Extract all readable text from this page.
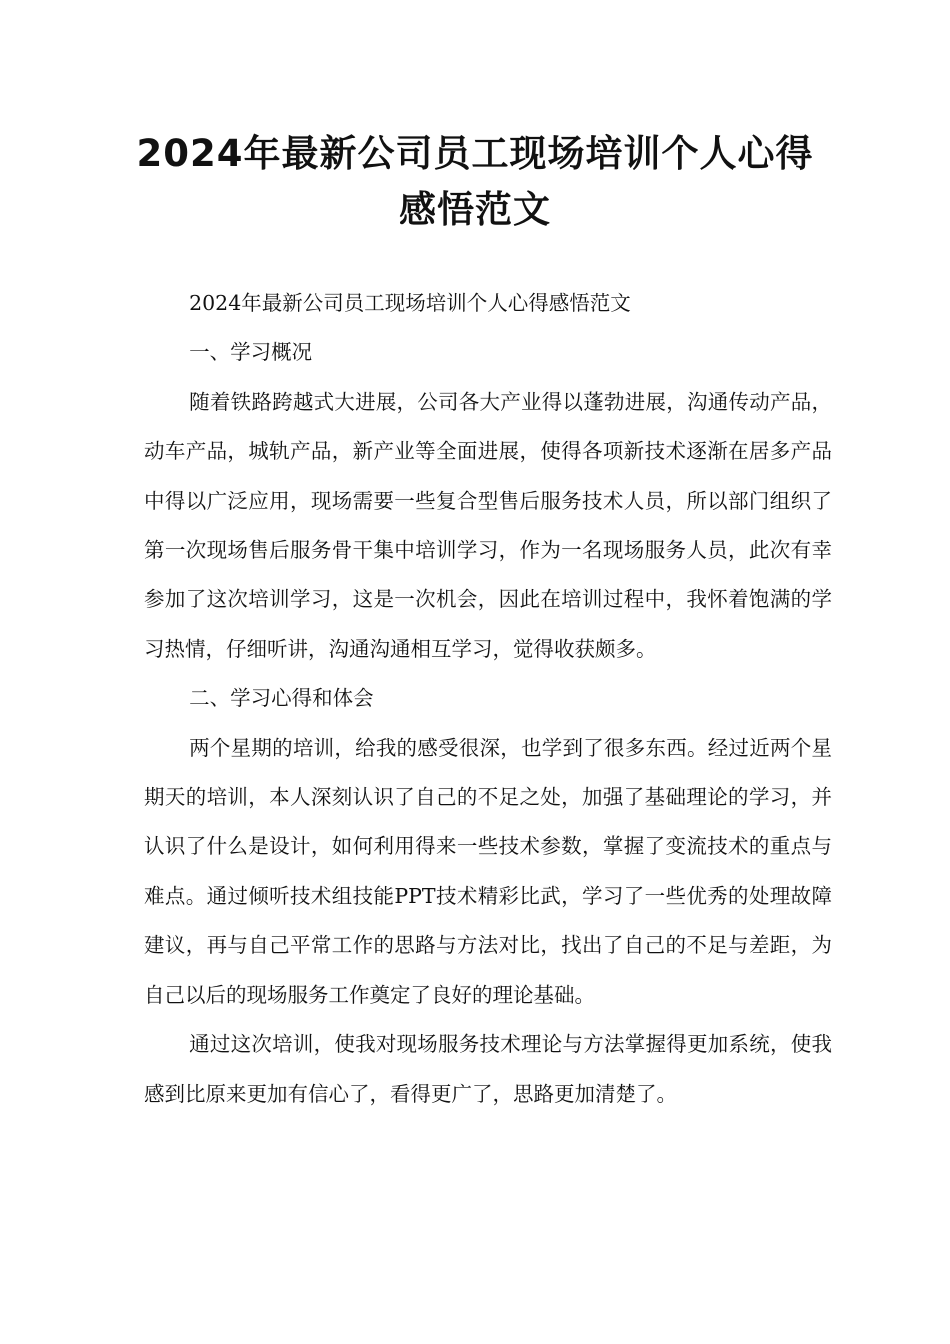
2024年最新公司员工现场培训个人心得
感悟范文

2024年最新公司员工现场培训个人心得感悟范文

一、学习概况

随着铁路跨越式大进展，公司各大产业得以蓬勃进展，沟通传动产品，动车产品，城轨产品，新产业等全面进展，使得各项新技术逐渐在居多产品中得以广泛应用，现场需要一些复合型售后服务技术人员，所以部门组织了第一次现场售后服务骨干集中培训学习，作为一名现场服务人员，此次有幸参加了这次培训学习，这是一次机会，因此在培训过程中，我怀着饱满的学习热情，仔细听讲，沟通沟通相互学习，觉得收获颇多。

二、学习心得和体会

两个星期的培训，给我的感受很深，也学到了很多东西。经过近两个星期天的培训，本人深刻认识了自己的不足之处，加强了基础理论的学习，并认识了什么是设计，如何利用得来一些技术参数，掌握了变流技术的重点与难点。通过倾听技术组技能PPT技术精彩比武，学习了一些优秀的处理故障建议，再与自己平常工作的思路与方法对比，找出了自己的不足与差距，为自己以后的现场服务工作奠定了良好的理论基础。

通过这次培训，使我对现场服务技术理论与方法掌握得更加系统，使我感到比原来更加有信心了，看得更广了，思路更加清楚了。
